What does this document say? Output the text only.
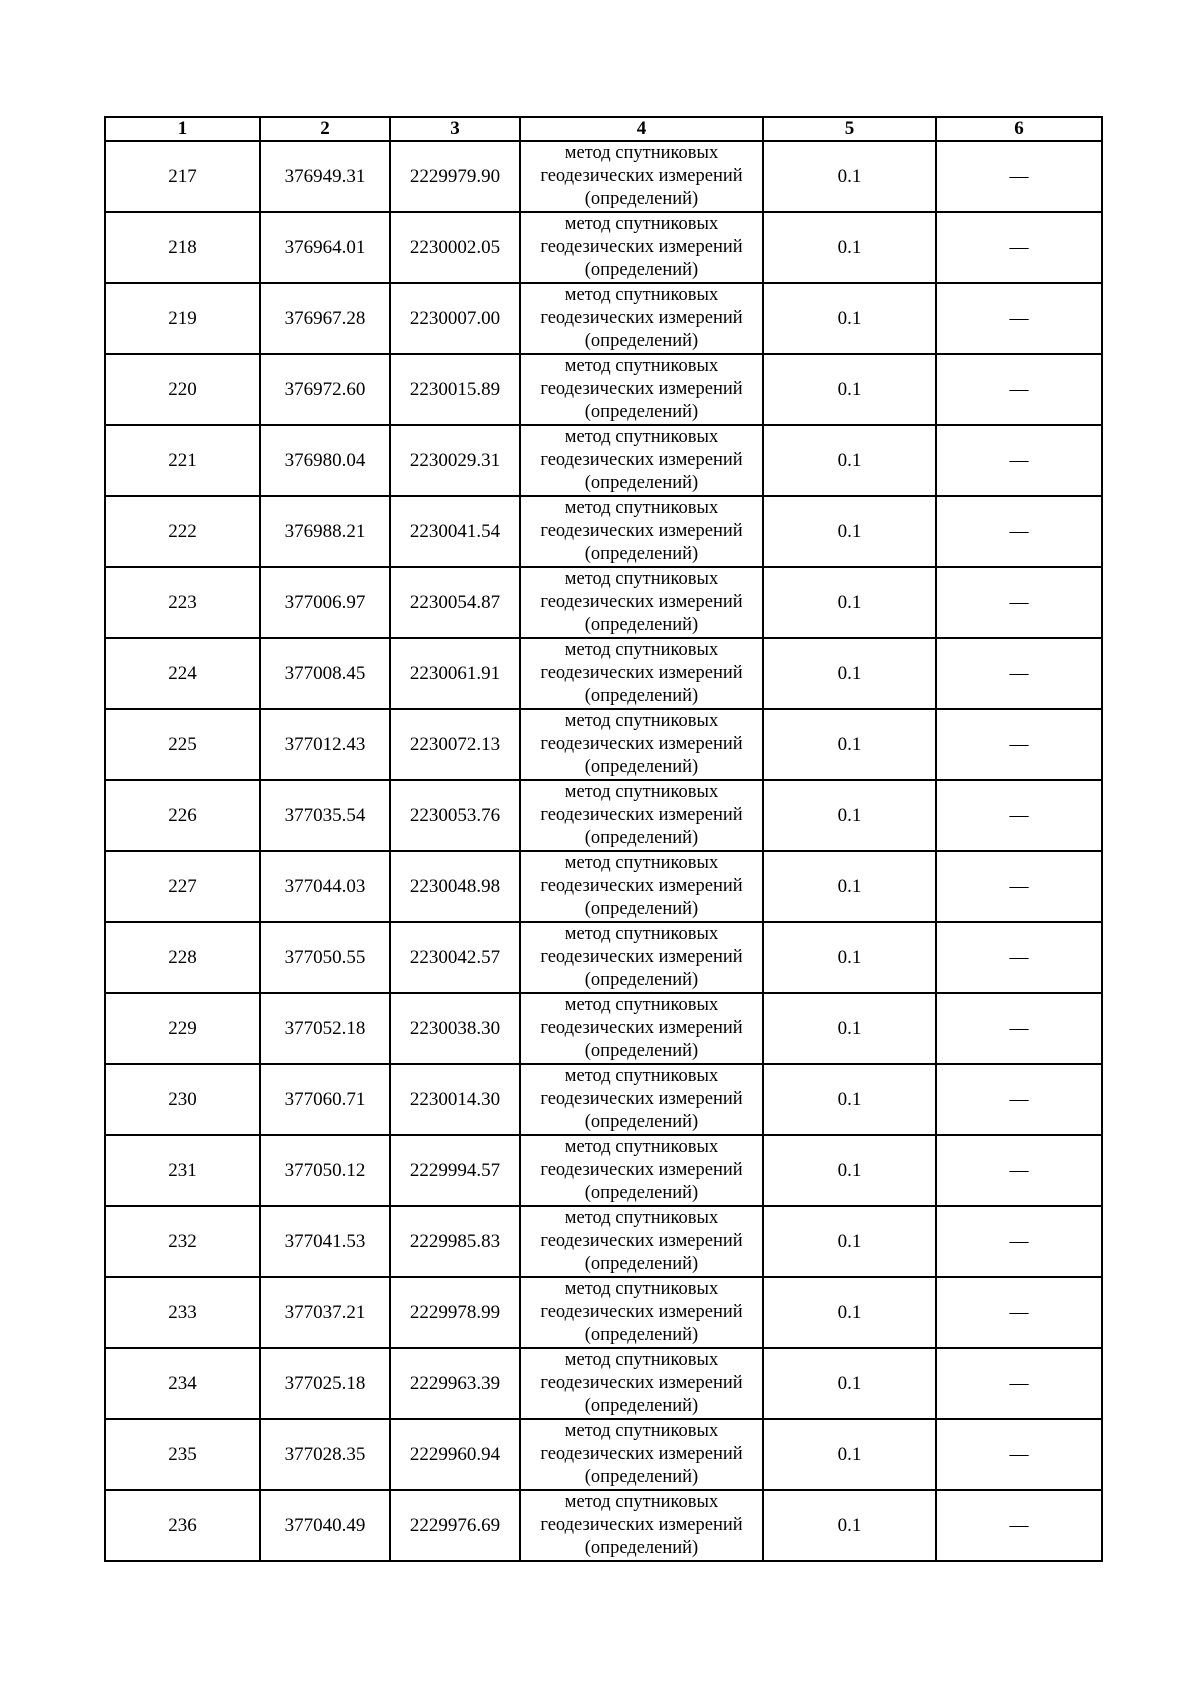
1	2	3	4	5	6
217	376949.31	2229979.90	метод спутниковых
геодезических измерений
(определений)	0.1	—
218	376964.01	2230002.05	метод спутниковых
геодезических измерений
(определений)	0.1	—
219	376967.28	2230007.00	метод спутниковых
геодезических измерений
(определений)	0.1	—
220	376972.60	2230015.89	метод спутниковых
геодезических измерений
(определений)	0.1	—
221	376980.04	2230029.31	метод спутниковых
геодезических измерений
(определений)	0.1	—
222	376988.21	2230041.54	метод спутниковых
геодезических измерений
(определений)	0.1	—
223	377006.97	2230054.87	метод спутниковых
геодезических измерений
(определений)	0.1	—
224	377008.45	2230061.91	метод спутниковых
геодезических измерений
(определений)	0.1	—
225	377012.43	2230072.13	метод спутниковых
геодезических измерений
(определений)	0.1	—
226	377035.54	2230053.76	метод спутниковых
геодезических измерений
(определений)	0.1	—
227	377044.03	2230048.98	метод спутниковых
геодезических измерений
(определений)	0.1	—
228	377050.55	2230042.57	метод спутниковых
геодезических измерений
(определений)	0.1	—
229	377052.18	2230038.30	метод спутниковых
геодезических измерений
(определений)	0.1	—
230	377060.71	2230014.30	метод спутниковых
геодезических измерений
(определений)	0.1	—
231	377050.12	2229994.57	метод спутниковых
геодезических измерений
(определений)	0.1	—
232	377041.53	2229985.83	метод спутниковых
геодезических измерений
(определений)	0.1	—
233	377037.21	2229978.99	метод спутниковых
геодезических измерений
(определений)	0.1	—
234	377025.18	2229963.39	метод спутниковых
геодезических измерений
(определений)	0.1	—
235	377028.35	2229960.94	метод спутниковых
геодезических измерений
(определений)	0.1	—
236	377040.49	2229976.69	метод спутниковых
геодезических измерений
(определений)	0.1	—
